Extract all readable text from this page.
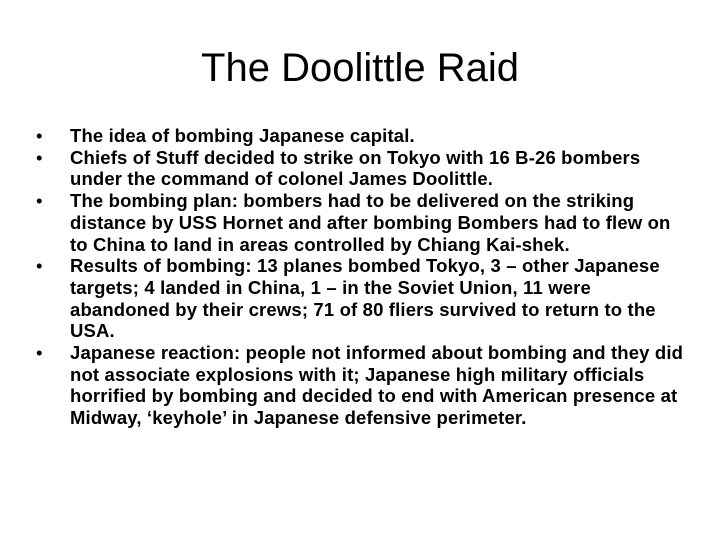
The Doolittle Raid
•	The idea of bombing Japanese capital.
•	Chiefs of Stuff decided to strike on Tokyo with 16 B-26 bombers under the command of colonel James Doolittle.
•	The bombing plan: bombers had to be delivered on the striking distance by USS Hornet and after bombing Bombers had to flew on to China to land in areas controlled by Chiang Kai-shek.
•	Results of bombing: 13 planes bombed Tokyo, 3 – other Japanese targets; 4 landed in China, 1 – in the Soviet Union, 11 were abandoned by their crews; 71 of 80 fliers survived to return to the USA.
•	Japanese reaction: people not informed about bombing and they did not associate explosions with it; Japanese high military officials horrified by bombing and decided to end with American presence at Midway, ‘keyhole’ in Japanese defensive perimeter.
